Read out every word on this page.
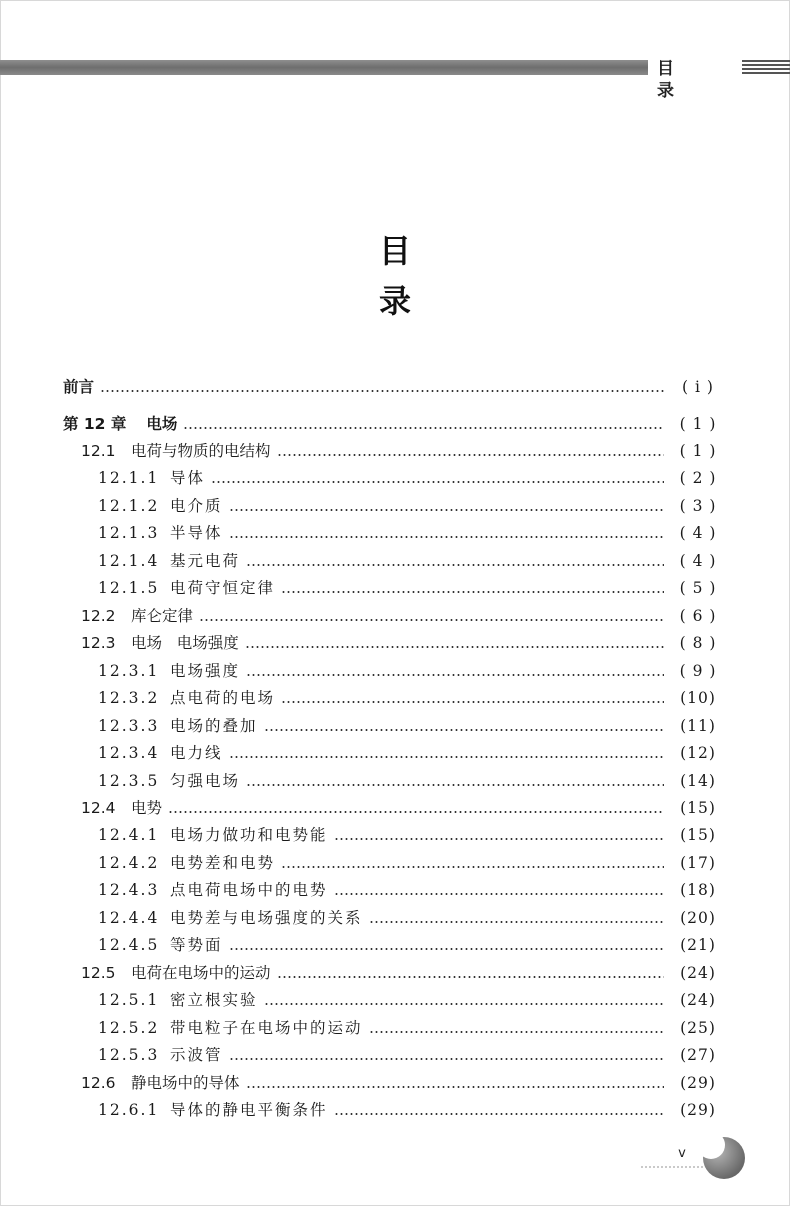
目 录
目录
前言	( i )
第 12 章 电场	( 1 )
12.1 电荷与物质的电结构	( 1 )
12.1.1 导体	( 2 )
12.1.2 电介质	( 3 )
12.1.3 半导体	( 4 )
12.1.4 基元电荷	( 4 )
12.1.5 电荷守恒定律	( 5 )
12.2 库仑定律	( 6 )
12.3 电场   电场强度	( 8 )
12.3.1 电场强度	( 9 )
12.3.2 点电荷的电场	(10)
12.3.3 电场的叠加	(11)
12.3.4 电力线	(12)
12.3.5 匀强电场	(14)
12.4 电势	(15)
12.4.1 电场力做功和电势能	(15)
12.4.2 电势差和电势	(17)
12.4.3 点电荷电场中的电势	(18)
12.4.4 电势差与电场强度的关系	(20)
12.4.5 等势面	(21)
12.5 电荷在电场中的运动	(24)
12.5.1 密立根实验	(24)
12.5.2 带电粒子在电场中的运动	(25)
12.5.3 示波管	(27)
12.6 静电场中的导体	(29)
12.6.1 导体的静电平衡条件	(29)
v
